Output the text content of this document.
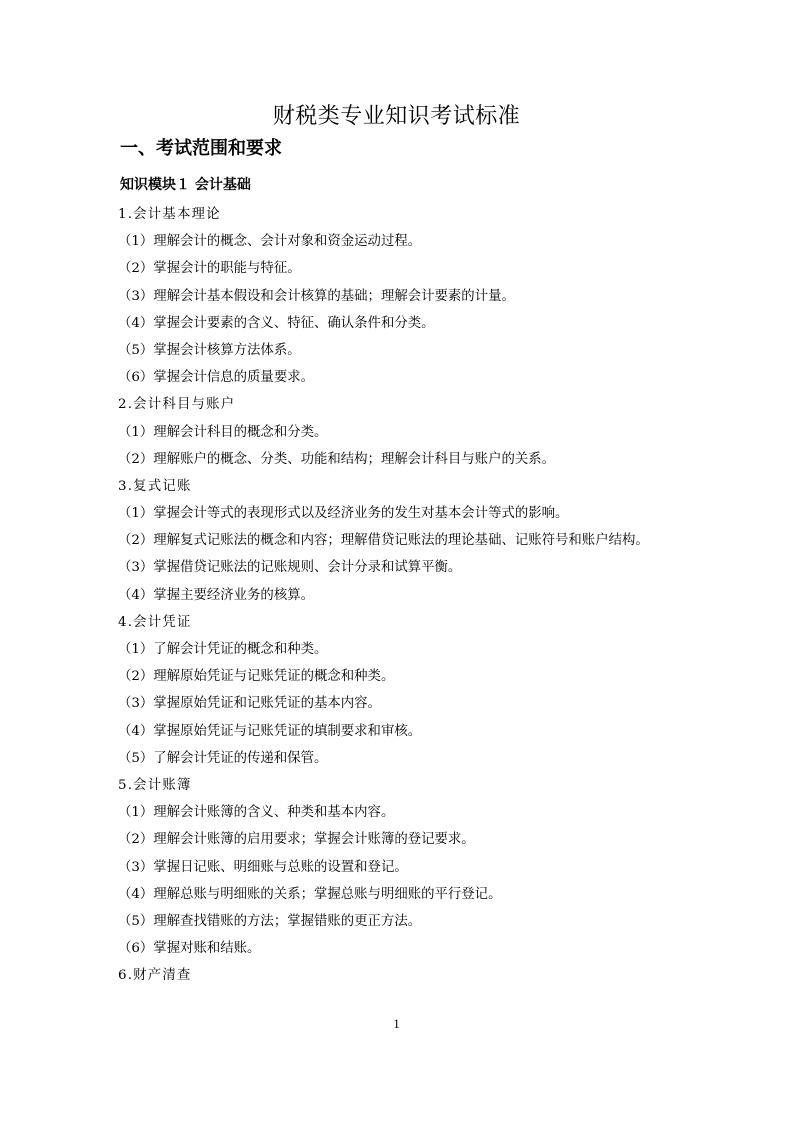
财税类专业知识考试标准
一、考试范围和要求
知识模块１ 会计基础
1.会计基本理论
（1）理解会计的概念、会计对象和资金运动过程。
（2）掌握会计的职能与特征。
（3）理解会计基本假设和会计核算的基础；理解会计要素的计量。
（4）掌握会计要素的含义、特征、确认条件和分类。
（5）掌握会计核算方法体系。
（6）掌握会计信息的质量要求。
2.会计科目与账户
（1）理解会计科目的概念和分类。
（2）理解账户的概念、分类、功能和结构；理解会计科目与账户的关系。
3.复式记账
（1）掌握会计等式的表现形式以及经济业务的发生对基本会计等式的影响。
（2）理解复式记账法的概念和内容；理解借贷记账法的理论基础、记账符号和账户结构。
（3）掌握借贷记账法的记账规则、会计分录和试算平衡。
（4）掌握主要经济业务的核算。
4.会计凭证
（1）了解会计凭证的概念和种类。
（2）理解原始凭证与记账凭证的概念和种类。
（3）掌握原始凭证和记账凭证的基本内容。
（4）掌握原始凭证与记账凭证的填制要求和审核。
（5）了解会计凭证的传递和保管。
5.会计账簿
（1）理解会计账簿的含义、种类和基本内容。
（2）理解会计账簿的启用要求；掌握会计账簿的登记要求。
（3）掌握日记账、明细账与总账的设置和登记。
（4）理解总账与明细账的关系；掌握总账与明细账的平行登记。
（5）理解查找错账的方法；掌握错账的更正方法。
（6）掌握对账和结账。
6.财产清查
1
